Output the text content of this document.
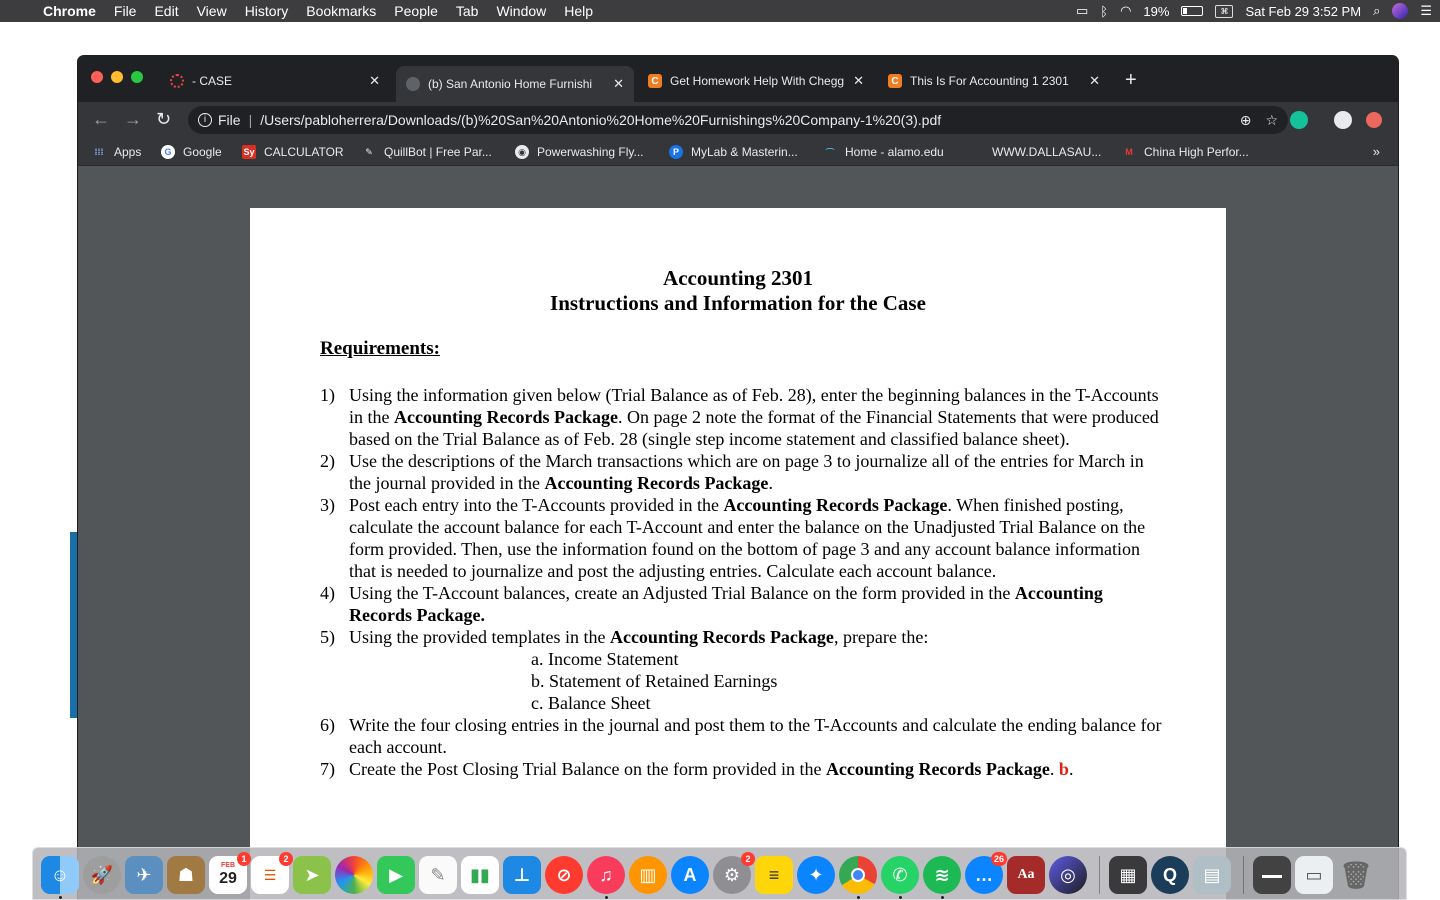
Chrome	File	Edit	View	History	Bookmarks	People	Tab	Window	Help	▭ ᛒ ◠ 19%	⌘	Sat Feb 29 3:52 PM ⌕	☰
- CASE	✕	(b) San Antonio Home Furnishi	✕	C Get Homework Help With Chegg ✕	C This Is For Accounting 1 2301	✕ +
← → ↻	i File | /Users/pabloherrera/Downloads/(b)%20San%20Antonio%20Home%20Furnishings%20Company-1%20(3).pdf	⊕ ☆
⁞⁞⁞ Apps	G Google Sy CALCULATOR	✎ QuillBot | Free Par...	◉ Powerwashing Fly...	P	MyLab & Masterin...	⌒ Home - alamo.edu	WWW.DALLASAU...	M China High Perfor...	»
Accounting 2301
Instructions and Information for the Case
Requirements:
1) Using the information given below (Trial Balance as of Feb. 28), enter the beginning balances in the T-Accounts in the Accounting Records Package. On page 2 note the format of the Financial Statements that were produced based on the Trial Balance as of Feb. 28 (single step income statement and classified balance sheet).
2) Use the descriptions of the March transactions which are on page 3 to journalize all of the entries for March in the journal provided in the Accounting Records Package.
3) Post each entry into the T-Accounts provided in the Accounting Records Package. When finished posting, calculate the account balance for each T-Account and enter the balance on the Unadjusted Trial Balance on the form provided. Then, use the information found on the bottom of page 3 and any account balance information that is needed to journalize and post the adjusting entries. Calculate each account balance.
4) Using the T-Account balances, create an Adjusted Trial Balance on the form provided in the Accounting Records Package.
5) Using the provided templates in the Accounting Records Package, prepare the:
a. Income Statement
b. Statement of Retained Earnings
c. Balance Sheet
6) Write the four closing entries in the journal and post them to the T-Accounts and calculate the ending balance for each account.
7) Create the Post Closing Trial Balance on the form provided in the Accounting Records Package. b.
☺	🚀	✈	☗	FEB
29
1
☰
2
➤	▶	✎	▮▮	⊥	⊘	♫	▥	A	⚙
2
≡	✦	✆	≋	…
26
Aa	◎	▦	Q	▤	▬▬	▭ 🗑
